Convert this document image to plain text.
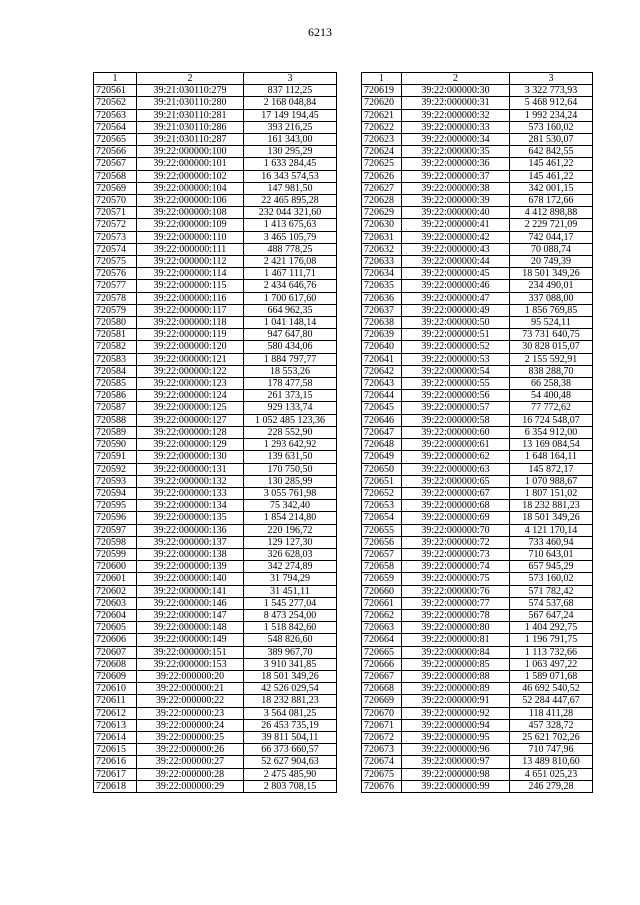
6213
1	2	3
720561	39:21:030110:279	837 112,25
720562	39:21:030110:280	2 168 048,84
720563	39:21:030110:281	17 149 194,45
720564	39:21:030110:286	393 216,25
720565	39:21:030110:287	161 343,00
720566	39:22:000000:100	130 295,29
720567	39:22:000000:101	1 633 284,45
720568	39:22:000000:102	16 343 574,53
720569	39:22:000000:104	147 981,50
720570	39:22:000000:106	22 465 895,28
720571	39:22:000000:108	232 044 321,60
720572	39:22:000000:109	1 413 675,63
720573	39:22:000000:110	3 465 105,79
720574	39:22:000000:111	488 778,25
720575	39:22:000000:112	2 421 176,08
720576	39:22:000000:114	1 467 111,71
720577	39:22:000000:115	2 434 646,76
720578	39:22:000000:116	1 700 617,60
720579	39:22:000000:117	664 962,35
720580	39:22:000000:118	1 041 148,14
720581	39:22:000000:119	947 647,80
720582	39:22:000000:120	580 434,06
720583	39:22:000000:121	1 884 797,77
720584	39:22:000000:122	18 553,26
720585	39:22:000000:123	178 477,58
720586	39:22:000000:124	261 373,15
720587	39:22:000000:125	929 133,74
720588	39:22:000000:127	1 052 485 123,36
720589	39:22:000000:128	228 552,90
720590	39:22:000000:129	1 293 642,92
720591	39:22:000000:130	139 631,50
720592	39:22:000000:131	170 750,50
720593	39:22:000000:132	130 285,99
720594	39:22:000000:133	3 055 761,98
720595	39:22:000000:134	75 342,40
720596	39:22:000000:135	1 854 214,80
720597	39:22:000000:136	220 196,72
720598	39:22:000000:137	129 127,30
720599	39:22:000000:138	326 628,03
720600	39:22:000000:139	342 274,89
720601	39:22:000000:140	31 794,29
720602	39:22:000000:141	31 451,11
720603	39:22:000000:146	1 545 277,04
720604	39:22:000000:147	8 473 254,00
720605	39:22:000000:148	1 518 842,60
720606	39:22:000000:149	548 826,60
720607	39:22:000000:151	389 967,70
720608	39:22:000000:153	3 910 341,85
720609	39:22:000000:20	18 501 349,26
720610	39:22:000000:21	42 526 029,54
720611	39:22:000000:22	18 232 881,23
720612	39:22:000000:23	3 564 081,25
720613	39:22:000000:24	26 453 735,19
720614	39:22:000000:25	39 811 504,11
720615	39:22:000000:26	66 373 660,57
720616	39:22:000000:27	52 627 904,63
720617	39:22:000000:28	2 475 485,90
720618	39:22:000000:29	2 803 708,15
1	2	3
720619	39:22:000000:30	3 322 773,93
720620	39:22:000000:31	5 468 912,64
720621	39:22:000000:32	1 992 234,24
720622	39:22:000000:33	573 160,02
720623	39:22:000000:34	281 530,07
720624	39:22:000000:35	642 842,55
720625	39:22:000000:36	145 461,22
720626	39:22:000000:37	145 461,22
720627	39:22:000000:38	342 001,15
720628	39:22:000000:39	678 172,66
720629	39:22:000000:40	4 412 898,88
720630	39:22:000000:41	2 229 721,09
720631	39:22:000000:42	742 044,17
720632	39:22:000000:43	70 088,74
720633	39:22:000000:44	20 749,39
720634	39:22:000000:45	18 501 349,26
720635	39:22:000000:46	234 490,01
720636	39:22:000000:47	337 088,00
720637	39:22:000000:49	1 856 769,85
720638	39:22:000000:50	95 524,11
720639	39:22:000000:51	73 731 640,75
720640	39:22:000000:52	30 828 015,07
720641	39:22:000000:53	2 155 592,91
720642	39:22:000000:54	838 288,70
720643	39:22:000000:55	66 258,38
720644	39:22:000000:56	54 400,48
720645	39:22:000000:57	77 772,62
720646	39:22:000000:58	16 724 548,07
720647	39:22:000000:60	6 354 912,00
720648	39:22:000000:61	13 169 084,54
720649	39:22:000000:62	1 648 164,11
720650	39:22:000000:63	145 872,17
720651	39:22:000000:65	1 070 988,67
720652	39:22:000000:67	1 807 151,02
720653	39:22:000000:68	18 232 881,23
720654	39:22:000000:69	18 501 349,26
720655	39:22:000000:70	4 121 170,14
720656	39:22:000000:72	733 460,94
720657	39:22:000000:73	710 643,01
720658	39:22:000000:74	657 945,29
720659	39:22:000000:75	573 160,02
720660	39:22:000000:76	571 782,42
720661	39:22:000000:77	574 537,68
720662	39:22:000000:78	567 647,24
720663	39:22:000000:80	1 404 292,75
720664	39:22:000000:81	1 196 791,75
720665	39:22:000000:84	1 113 732,66
720666	39:22:000000:85	1 063 497,22
720667	39:22:000000:88	1 589 071,68
720668	39:22:000000:89	46 692 540,52
720669	39:22:000000:91	52 284 447,67
720670	39:22:000000:92	118 411,28
720671	39:22:000000:94	457 328,72
720672	39:22:000000:95	25 621 702,26
720673	39:22:000000:96	710 747,96
720674	39:22:000000:97	13 489 810,60
720675	39:22:000000:98	4 651 025,23
720676	39:22:000000:99	246 279,28
